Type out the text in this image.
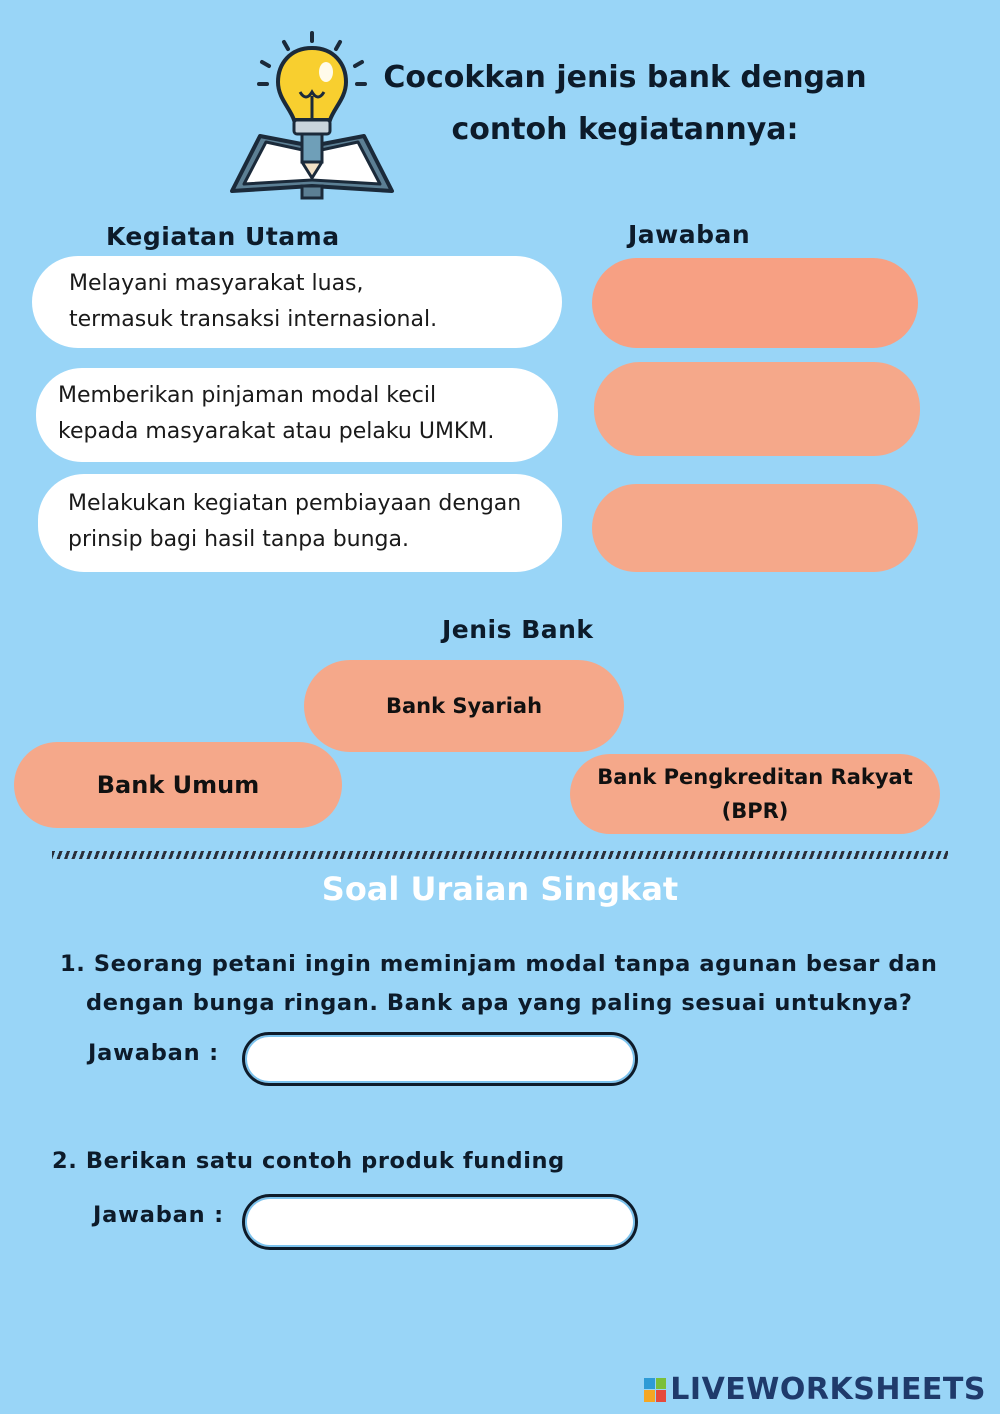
Cocokkan jenis bank dengan contoh kegiatannya:
Kegiatan Utama	Jawaban
Melayani masyarakat luas,
termasuk transaksi internasional.
Memberikan pinjaman modal kecil
kepada masyarakat atau pelaku UMKM.
Melakukan kegiatan pembiayaan dengan
prinsip bagi hasil tanpa bunga.
Jenis Bank
Bank Syariah
Bank Umum	Bank Pengkreditan Rakyat
(BPR)
Soal Uraian Singkat
1. Seorang petani ingin meminjam modal tanpa agunan besar dan
dengan bunga ringan. Bank apa yang paling sesuai untuknya?
Jawaban :
2. Berikan satu contoh produk funding
Jawaban :
LIVEWORKSHEETS
